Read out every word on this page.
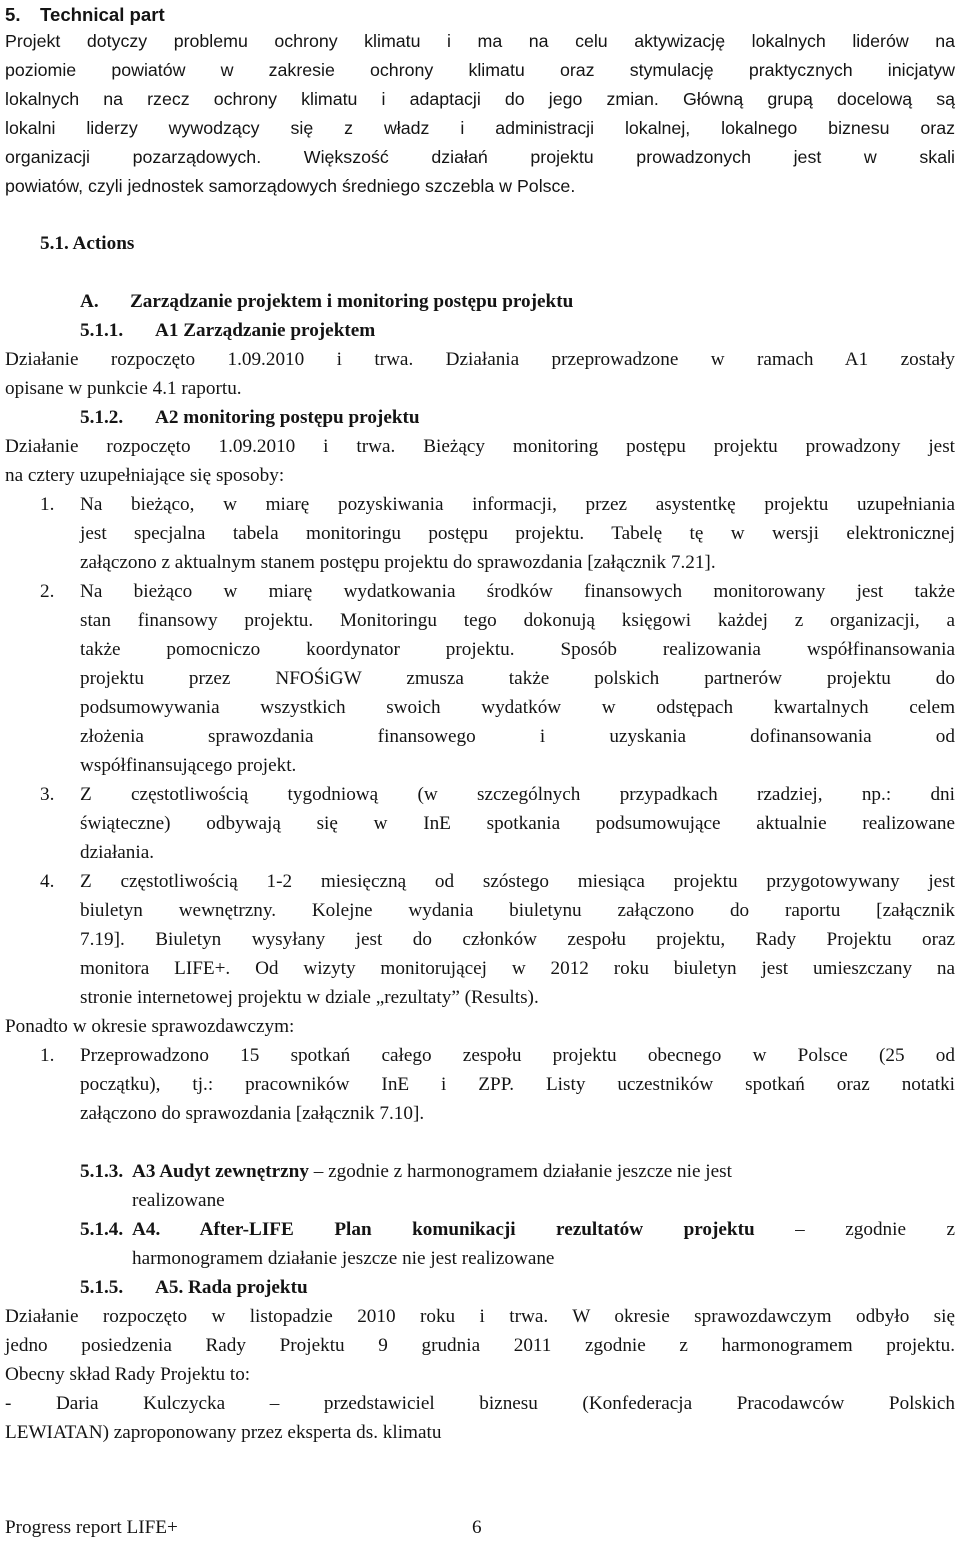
5. Technical part
Projekt dotyczy problemu ochrony klimatu i ma na celu aktywizację lokalnych liderów na
poziomie powiatów w zakresie ochrony klimatu oraz stymulację praktycznych inicjatyw
lokalnych na rzecz ochrony klimatu i adaptacji do jego zmian. Główną grupą docelową są
lokalni liderzy wywodzący się z władz i administracji lokalnej, lokalnego biznesu oraz
organizacji pozarządowych. Większość działań projektu prowadzonych jest w skali
powiatów, czyli jednostek samorządowych średniego szczebla w Polsce.
5.1. Actions
A. Zarządzanie projektem i monitoring postępu projektu
5.1.1. A1 Zarządzanie projektem
Działanie rozpoczęto 1.09.2010 i trwa. Działania przeprowadzone w ramach A1 zostały
opisane w punkcie 4.1 raportu.
5.1.2. A2 monitoring postępu projektu
Działanie rozpoczęto 1.09.2010 i trwa. Bieżący monitoring postępu projektu prowadzony jest
na cztery uzupełniające się sposoby:
1. Na bieżąco, w miarę pozyskiwania informacji, przez asystentkę projektu uzupełniania
jest specjalna tabela monitoringu postępu projektu. Tabelę tę w wersji elektronicznej
załączono z aktualnym stanem postępu projektu do sprawozdania [załącznik 7.21].
2. Na bieżąco w miarę wydatkowania środków finansowych monitorowany jest także
stan finansowy projektu. Monitoringu tego dokonują księgowi każdej z organizacji, a
także pomocniczo koordynator projektu. Sposób realizowania współfinansowania
projektu przez NFOŚiGW zmusza także polskich partnerów projektu do
podsumowywania wszystkich swoich wydatków w odstępach kwartalnych celem
złożenia sprawozdania finansowego i uzyskania dofinansowania od
współfinansującego projekt.
3. Z częstotliwością tygodniową (w szczególnych przypadkach rzadziej, np.: dni
świąteczne) odbywają się w InE spotkania podsumowujące aktualnie realizowane
działania.
4. Z częstotliwością 1-2 miesięczną od szóstego miesiąca projektu przygotowywany jest
biuletyn wewnętrzny. Kolejne wydania biuletynu załączono do raportu [załącznik
7.19]. Biuletyn wysyłany jest do członków zespołu projektu, Rady Projektu oraz
monitora LIFE+. Od wizyty monitorującej w 2012 roku biuletyn jest umieszczany na
stronie internetowej projektu w dziale „rezultaty” (Results).
Ponadto w okresie sprawozdawczym:
1. Przeprowadzono 15 spotkań całego zespołu projektu obecnego w Polsce (25 od
początku), tj.: pracowników InE i ZPP. Listy uczestników spotkań oraz notatki
załączono do sprawozdania [załącznik 7.10].
5.1.3. A3 Audyt zewnętrzny – zgodnie z harmonogramem działanie jeszcze nie jest
realizowane
5.1.4. A4. After-LIFE Plan komunikacji rezultatów projektu – zgodnie z
harmonogramem działanie jeszcze nie jest realizowane
5.1.5. A5. Rada projektu
Działanie rozpoczęto w listopadzie 2010 roku i trwa. W okresie sprawozdawczym odbyło się
jedno posiedzenia Rady Projektu 9 grudnia 2011 zgodnie z harmonogramem projektu.
Obecny skład Rady Projektu to:
- Daria Kulczycka – przedstawiciel biznesu (Konfederacja Pracodawców Polskich
LEWIATAN) zaproponowany przez eksperta ds. klimatu
Progress report LIFE+	6
